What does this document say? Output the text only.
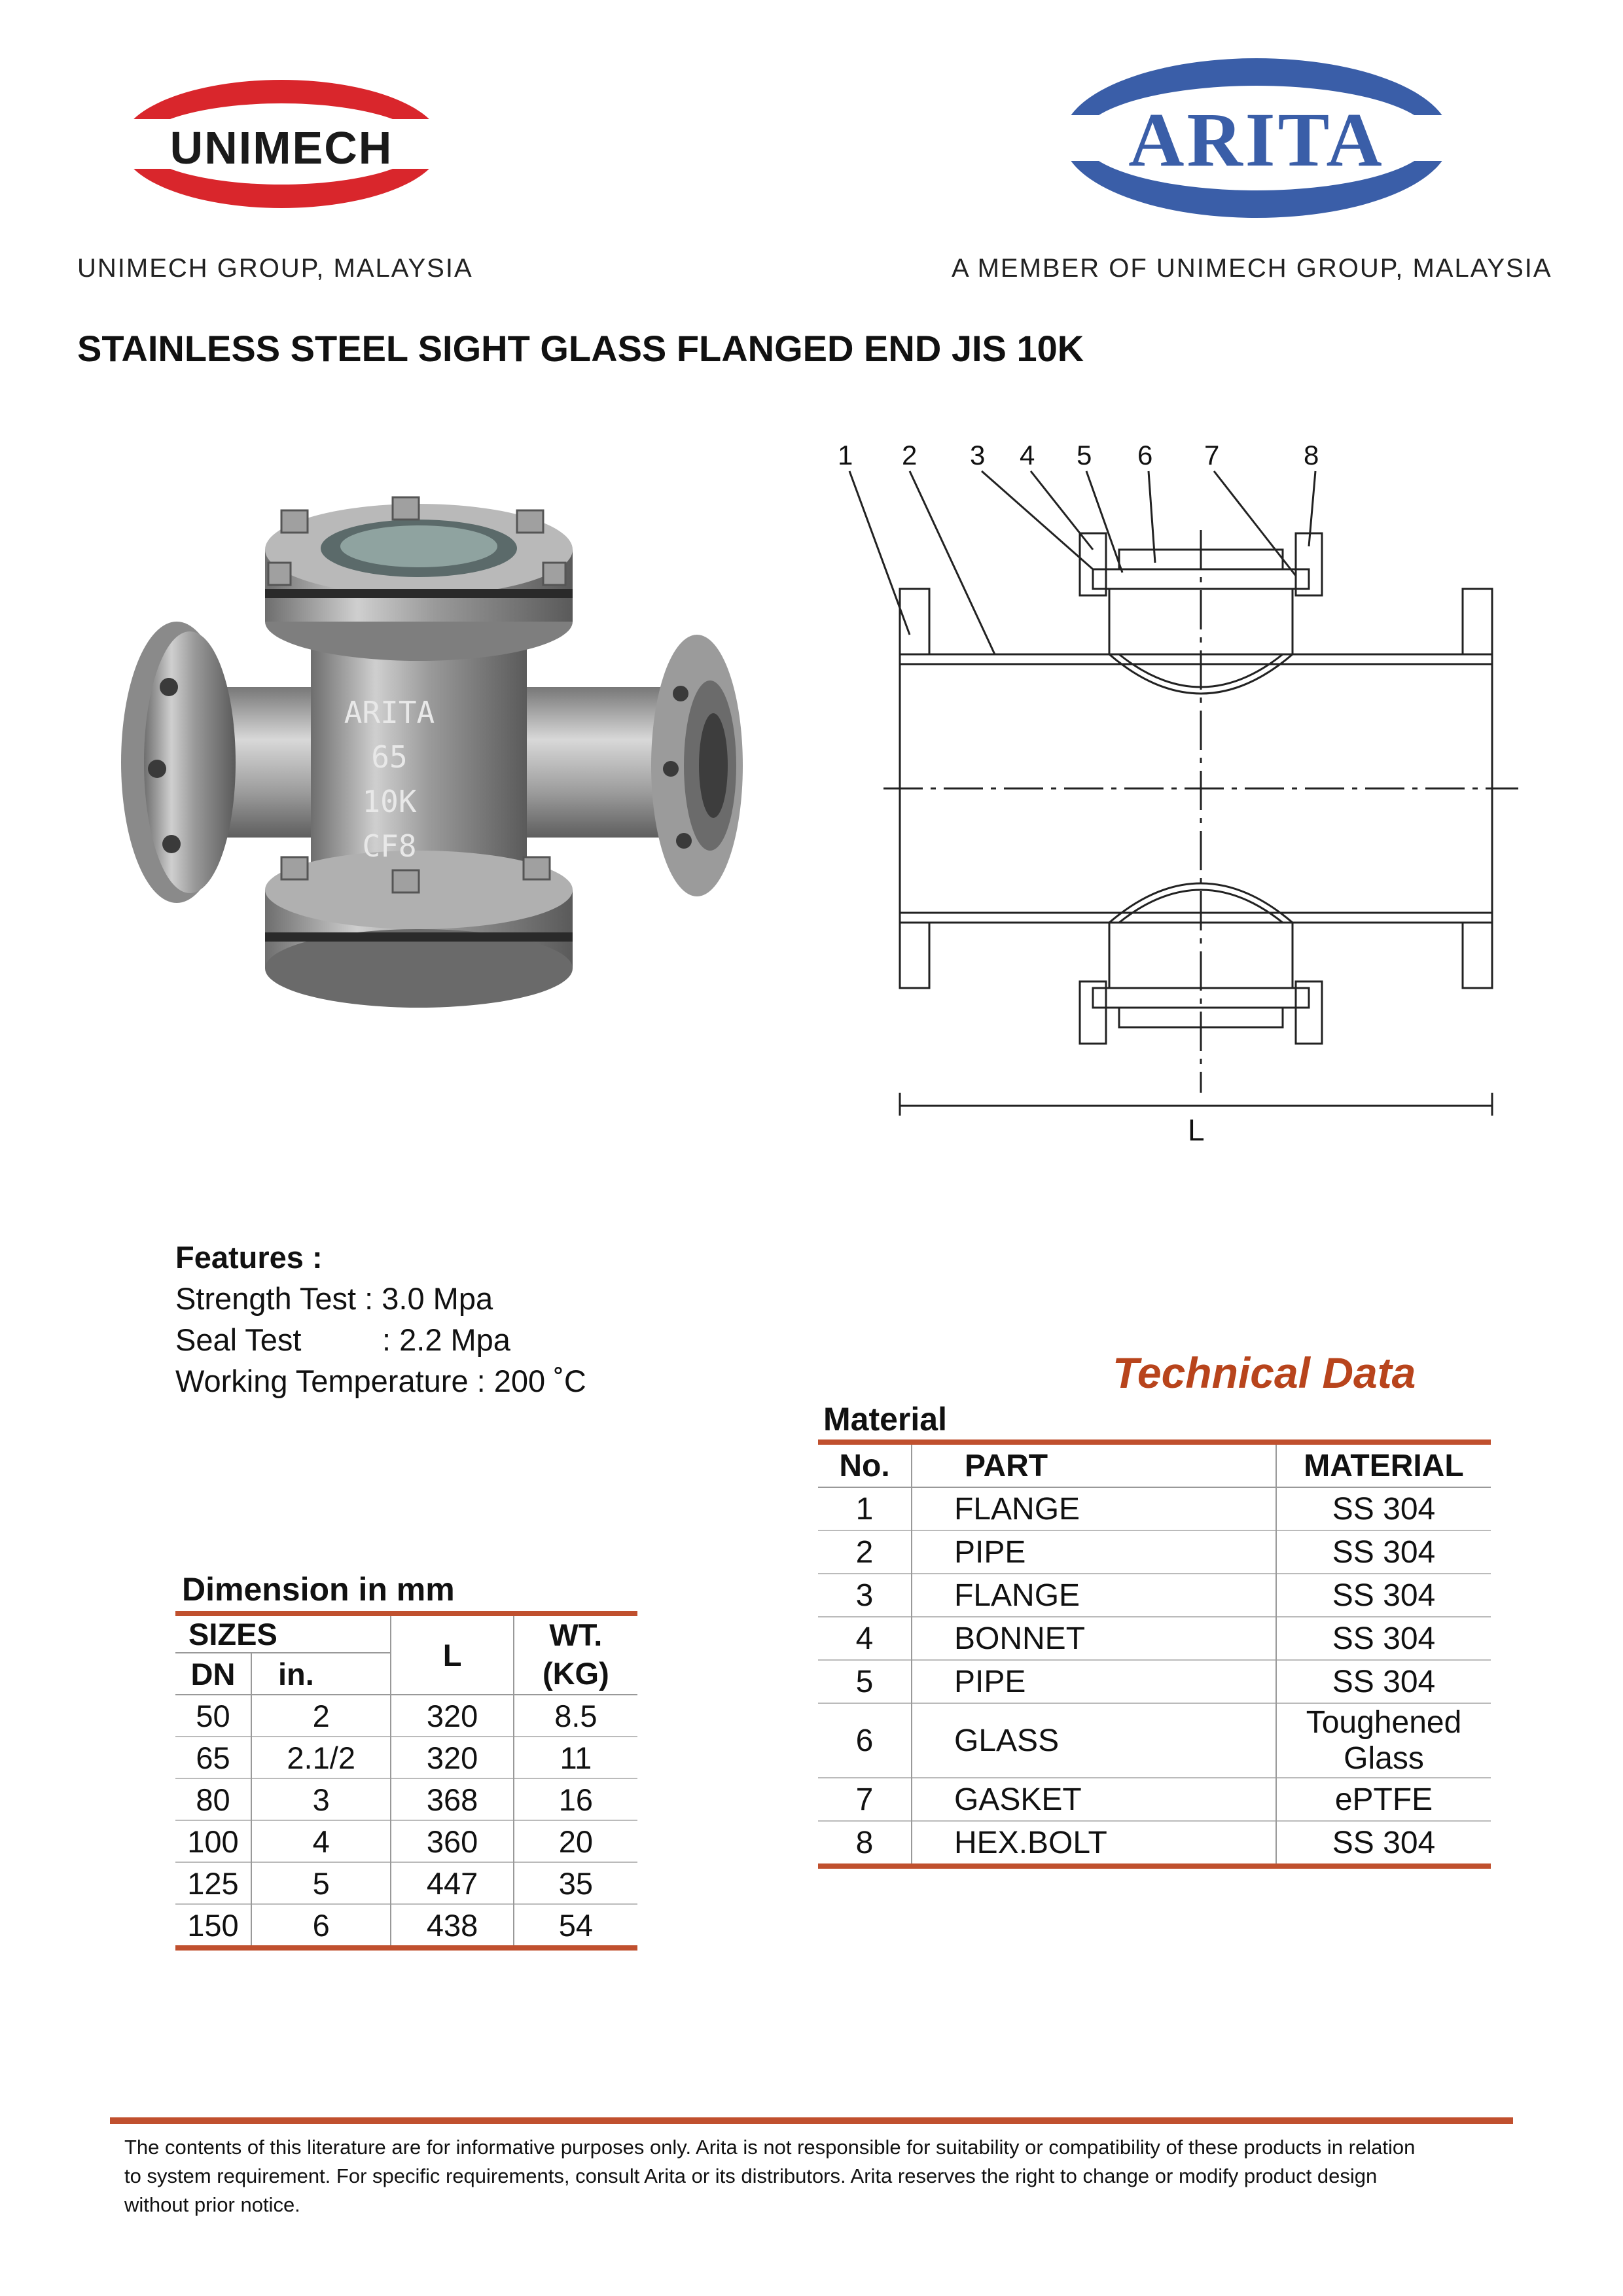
UNIMECH
UNIMECH GROUP, MALAYSIA
ARITA
A MEMBER OF UNIMECH GROUP, MALAYSIA
STAINLESS STEEL SIGHT GLASS FLANGED END JIS 10K
ARITA
65
10K
CF8
1 2 3 4 5 6 7	8
L
Features :
Strength Test : 3.0 Mpa
Seal Test	: 2.2 Mpa
Working Temperature : 200 ˚C	Technical Data
Material
No.	PART	MATERIAL
1	FLANGE	SS 304
2	PIPE	SS 304
3	FLANGE	SS 304
4	BONNET	SS 304
5	PIPE	SS 304
6	GLASS	Toughened Glass
7	GASKET	ePTFE
8	HEX.BOLT	SS 304
Dimension in mm
SIZES		L	WT.
DN	in.		(KG)
50	2	320	8.5
65	2.1/2	320	11
80	3	368	16
100	4	360	20
125	5	447	35
150	6	438	54
The contents of this literature are for informative purposes only. Arita is not responsible for suitability or compatibility of these products in relation
to system requirement. For specific requirements, consult Arita or its distributors. Arita reserves the right to change or modify product design
without prior notice.
